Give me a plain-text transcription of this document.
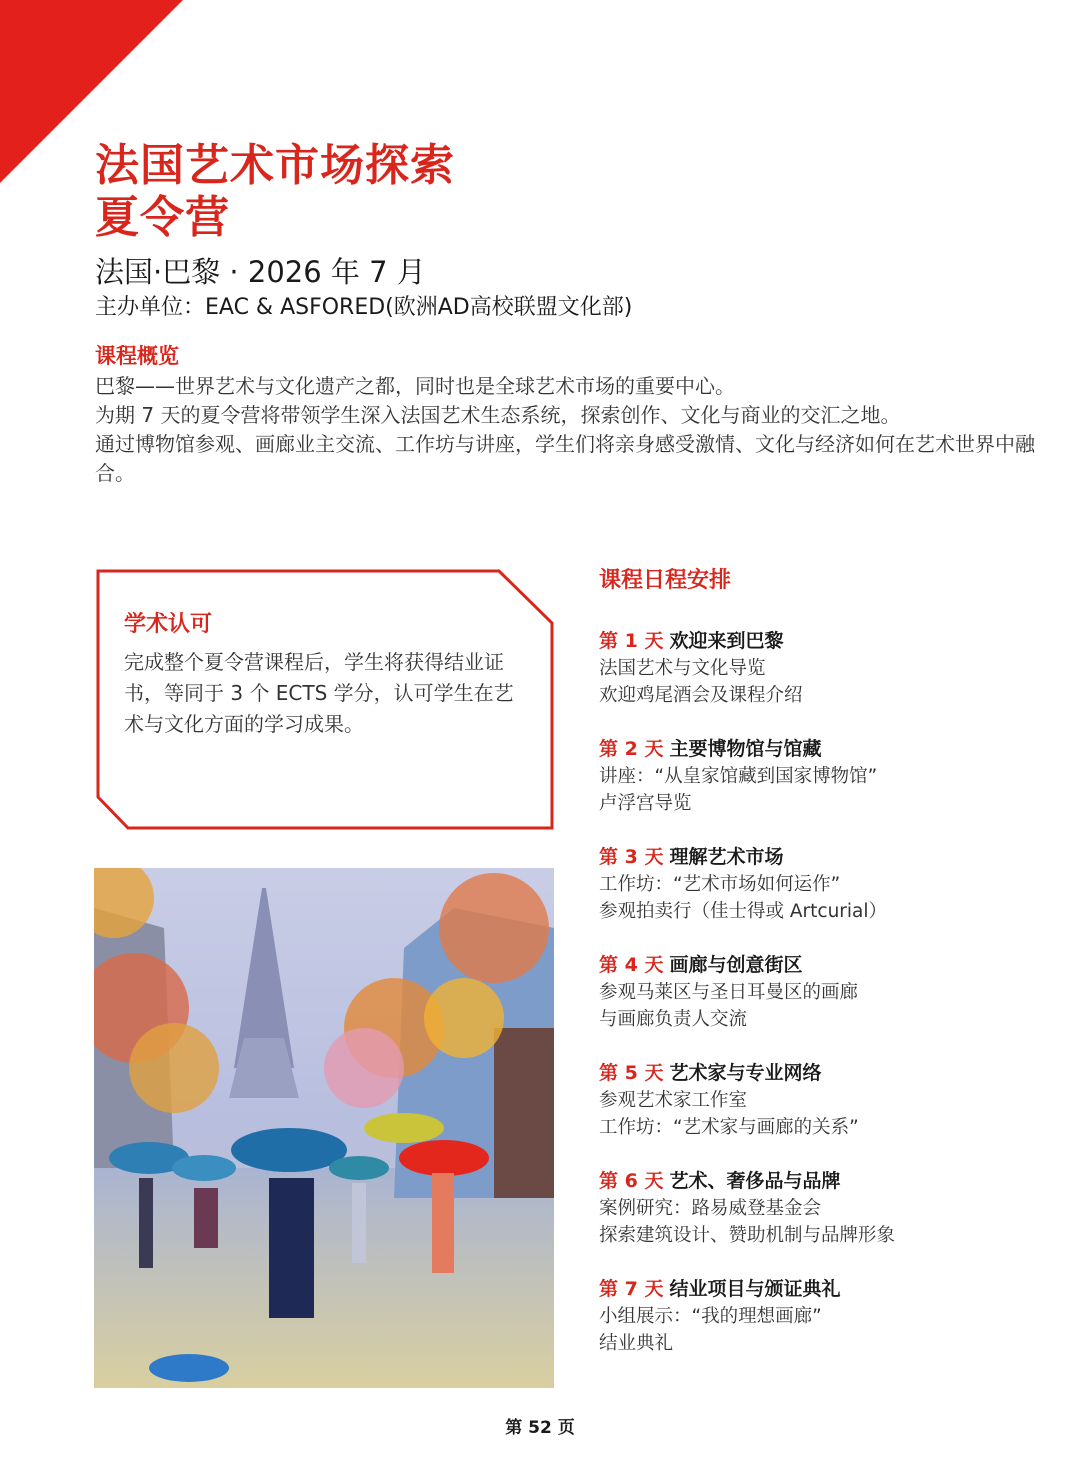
法国艺术市场探索
夏令营
法国·巴黎 · 2026 年 7 月
主办单位：EAC & ASFORED(欧洲AD高校联盟文化部)
课程概览

巴黎——世界艺术与文化遗产之都，同时也是全球艺术市场的重要中心。

为期 7 天的夏令营将带领学生深入法国艺术生态系统，探索创作、文化与商业的交汇之地。

通过博物馆参观、画廊业主交流、工作坊与讲座，学生们将亲身感受激情、文化与经济如何在艺术世界中融合。

学术认可

完成整个夏令营课程后，学生将获得结业证书，等同于 3 个 ECTS 学分，认可学生在艺术与文化方面的学习成果。

课程日程安排
第 1 天 欢迎来到巴黎
法国艺术与文化导览
欢迎鸡尾酒会及课程介绍
第 2 天 主要博物馆与馆藏
讲座：“从皇家馆藏到国家博物馆”
卢浮宫导览
第 3 天 理解艺术市场
工作坊：“艺术市场如何运作”
参观拍卖行（佳士得或 Artcurial）
第 4 天 画廊与创意街区
参观马莱区与圣日耳曼区的画廊
与画廊负责人交流
第 5 天 艺术家与专业网络
参观艺术家工作室
工作坊：“艺术家与画廊的关系”
第 6 天 艺术、奢侈品与品牌
案例研究：路易威登基金会
探索建筑设计、赞助机制与品牌形象
第 7 天 结业项目与颁证典礼
小组展示：“我的理想画廊”
结业典礼
第 52 页
